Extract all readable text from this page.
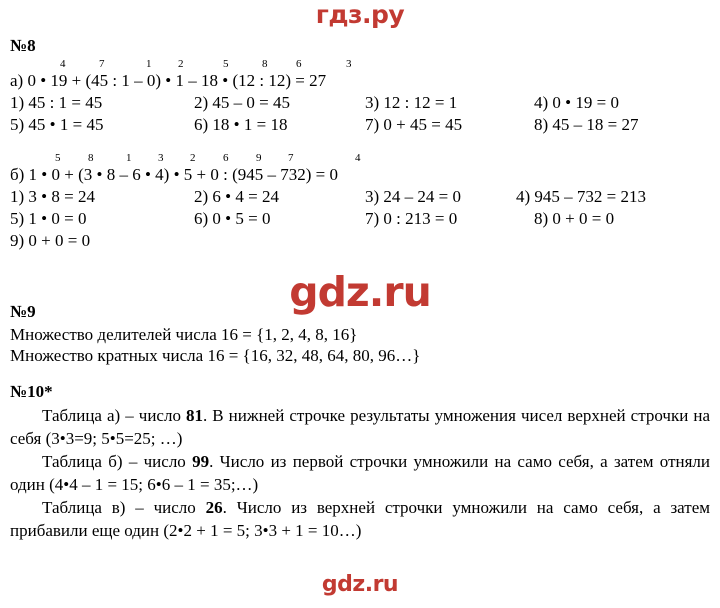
гдз.ру
gdz.ru
gdz.ru
№8
4	7	1 2	5	8	6	3
а) 0 • 19 + (45 : 1 – 0) • 1 – 18 • (12 : 12) = 27
1) 45 : 1 = 45	2) 45 – 0 = 45	3) 12 : 12 = 1	4) 0 • 19 = 0
5) 45 • 1 = 45	6) 18 • 1 = 18	7) 0 + 45 = 45	8) 45 – 18 = 27
5	8	1 3 2	6	9 7	4
б) 1 • 0 + (3 • 8 – 6 • 4) • 5 + 0 : (945 – 732) = 0
1) 3 • 8 = 24	2) 6 • 4 = 24	3) 24 – 24 = 0	4) 945 – 732 = 213
5) 1 • 0 = 0	6) 0 • 5 = 0	7) 0 : 213 = 0	8) 0 + 0 = 0
9) 0 + 0 = 0
№9
Множество делителей числа 16 = {1, 2, 4, 8, 16}
Множество кратных числа 16 = {16, 32, 48, 64, 80, 96…}
№10*
Таблица а) – число 81. В нижней строчке результаты умножения чисел верхней строчки на себя (3•3=9; 5•5=25; …)
Таблица б) – число 99. Число из первой строчки умножили на само себя, а затем отняли один (4•4 – 1 = 15; 6•6 – 1 = 35;…)
Таблица в) – число 26. Число из верхней строчки умножили на само себя, а затем прибавили еще один (2•2 + 1 = 5; 3•3 + 1 = 10…)
